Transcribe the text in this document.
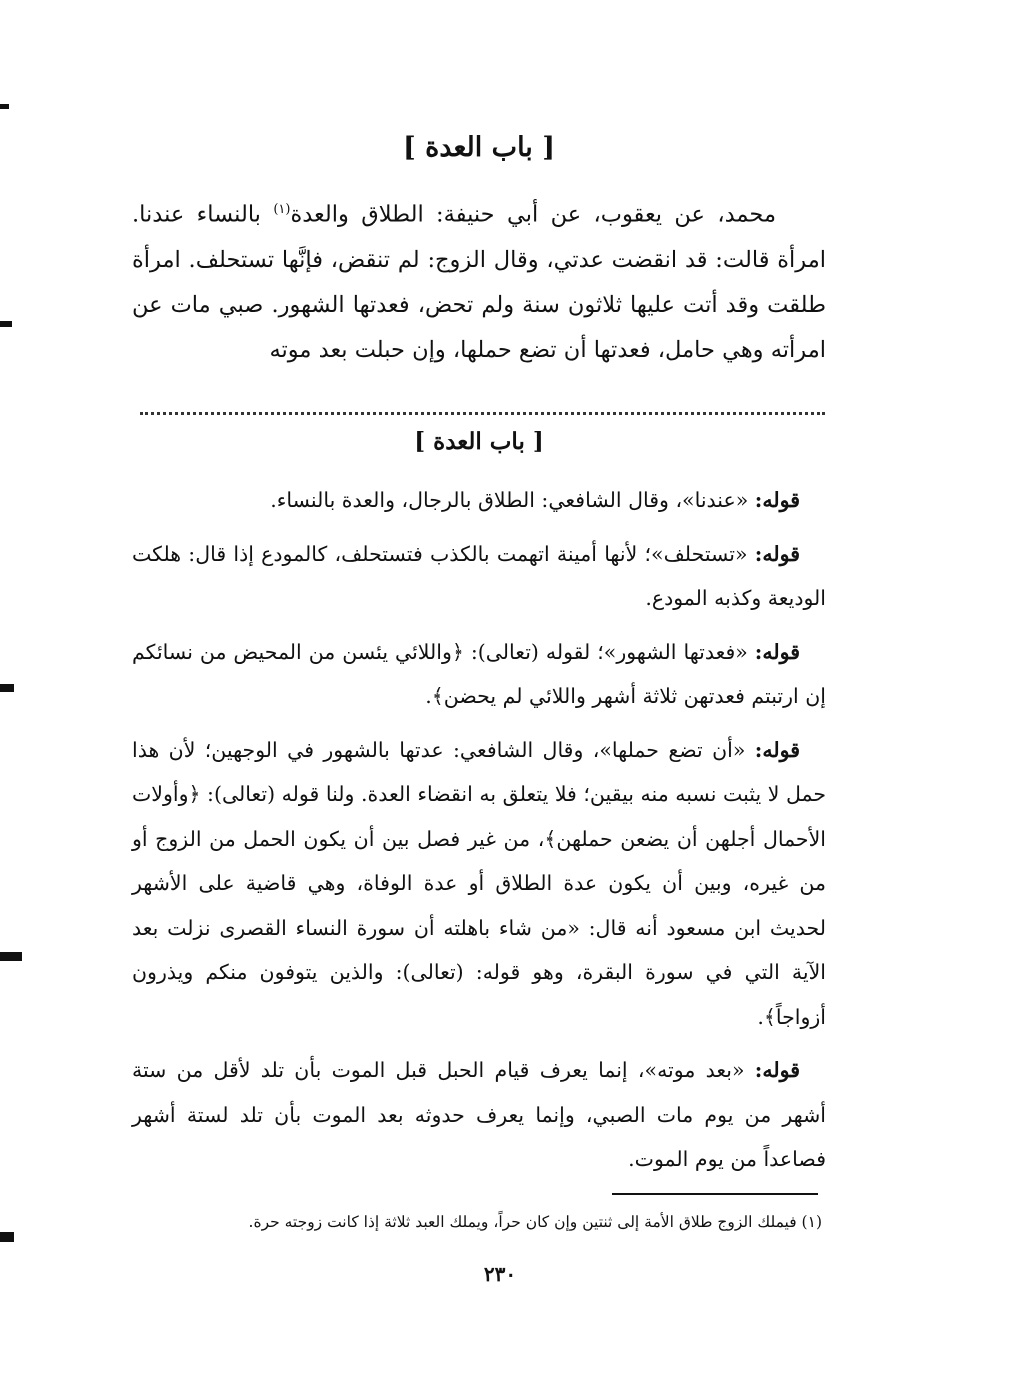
[ باب العدة ]

محمد، عن يعقوب، عن أبي حنيفة: الطلاق والعدة$^{(١)}$ بالنساء عندنا. امرأة قالت: قد انقضت عدتي، وقال الزوج: لم تنقض، فإنَّها تستحلف. امرأة طلقت وقد أتت عليها ثلاثون سنة ولم تحض، فعدتها الشهور. صبي مات عن امرأته وهي حامل، فعدتها أن تضع حملها، وإن حبلت بعد موته

[ باب العدة ]

قوله: «عندنا»، وقال الشافعي: الطلاق بالرجال، والعدة بالنساء.

قوله: «تستحلف»؛ لأنها أمينة اتهمت بالكذب فتستحلف، كالمودع إذا قال: هلكت الوديعة وكذبه المودع.

قوله: «فعدتها الشهور»؛ لقوله (تعالى): ﴿واللائي يئسن من المحيض من نسائكم إن ارتبتم فعدتهن ثلاثة أشهر واللائي لم يحضن﴾.

قوله: «أن تضع حملها»، وقال الشافعي: عدتها بالشهور في الوجهين؛ لأن هذا حمل لا يثبت نسبه منه بيقين؛ فلا يتعلق به انقضاء العدة. ولنا قوله (تعالى): ﴿وأولات الأحمال أجلهن أن يضعن حملهن﴾، من غير فصل بين أن يكون الحمل من الزوج أو من غيره، وبين أن يكون عدة الطلاق أو عدة الوفاة، وهي قاضية على الأشهر لحديث ابن مسعود أنه قال: «من شاء باهلته أن سورة النساء القصرى نزلت بعد الآية التي في سورة البقرة، وهو قوله: (تعالى): والذين يتوفون منكم ويذرون أزواجاً﴾.

قوله: «بعد موته»، إنما يعرف قيام الحبل قبل الموت بأن تلد لأقل من ستة أشهر من يوم مات الصبي، وإنما يعرف حدوثه بعد الموت بأن تلد لستة أشهر فصاعداً من يوم الموت.

(١) فيملك الزوج طلاق الأمة إلى ثنتين وإن كان حراً، ويملك العبد ثلاثة إذا كانت زوجته حرة.
٢٣٠
